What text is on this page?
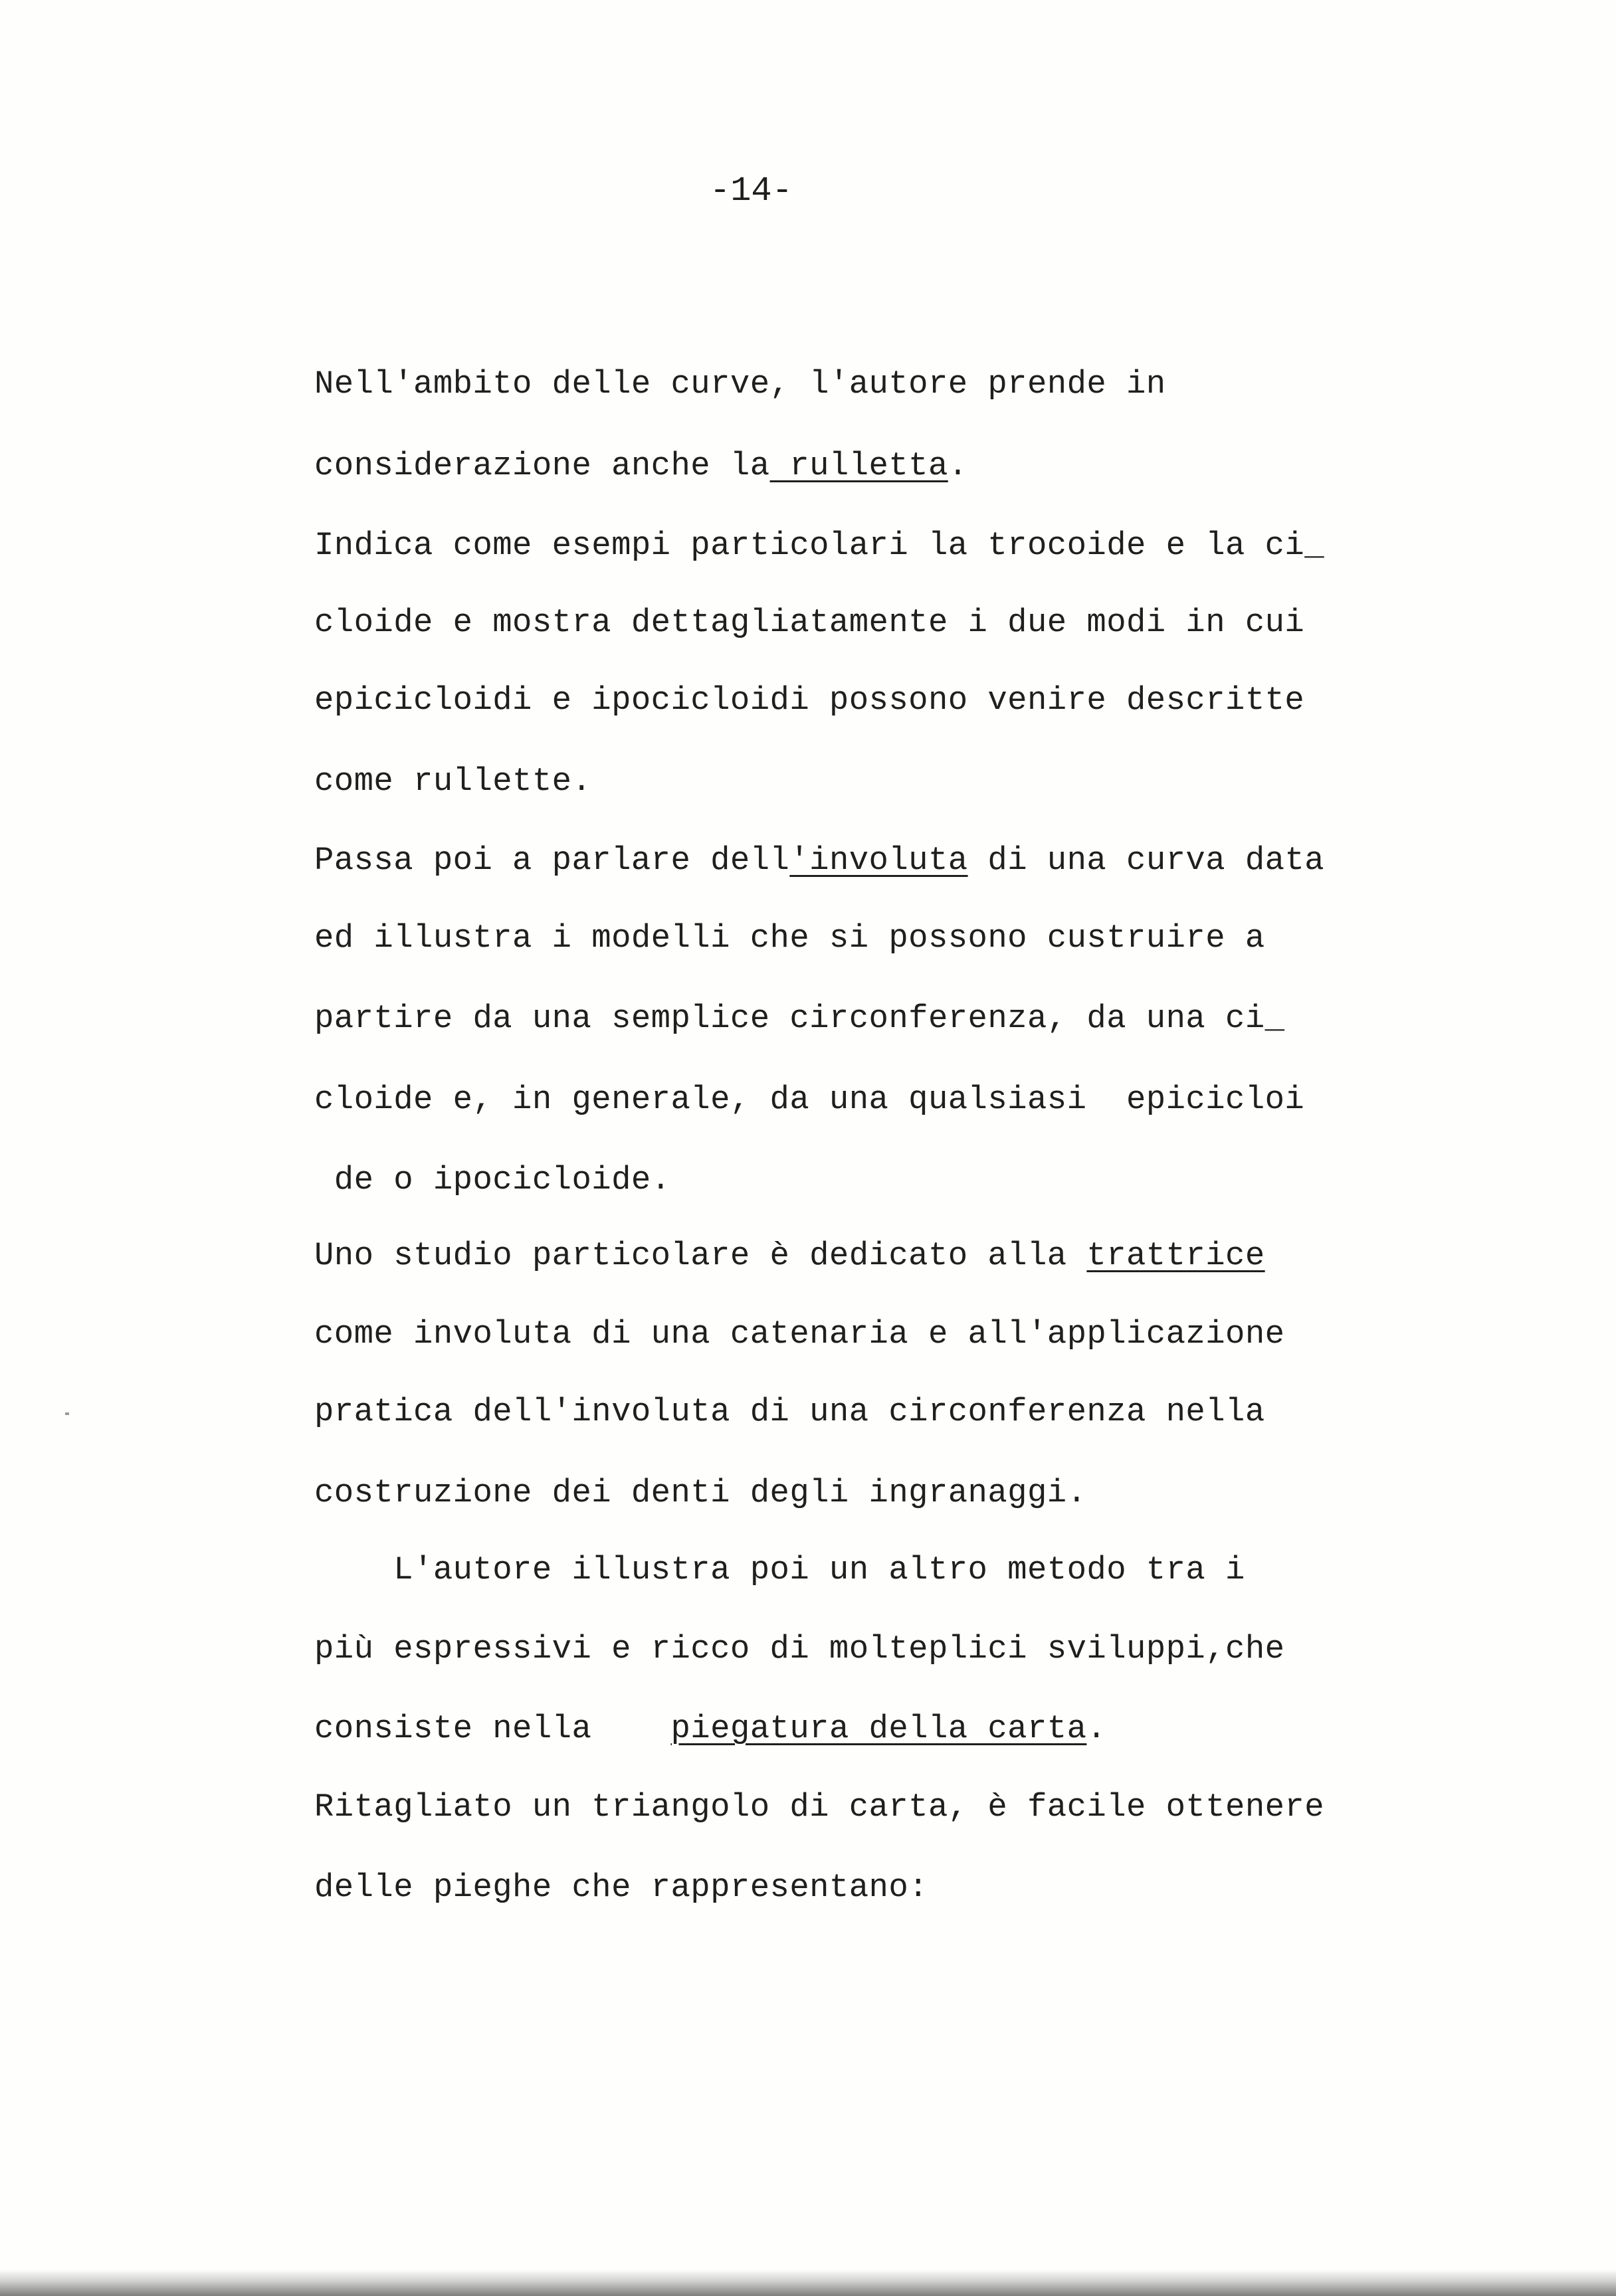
-14-
Nell'ambito delle curve, l'autore prende in
considerazione anche la rulletta.
Indica come esempi particolari la trocoide e la ci_
cloide e mostra dettagliatamente i due modi in cui
epicicloidi e ipocicloidi possono venire descritte
come rullette.
Passa poi a parlare dell'involuta di una curva data
ed illustra i modelli che si possono custruire a
partire da una semplice circonferenza, da una ci_
cloide e, in generale, da una qualsiasi  epicicloi
de o ipocicloide.
Uno studio particolare è dedicato alla trattrice
come involuta di una catenaria e all'applicazione
pratica dell'involuta di una circonferenza nella
costruzione dei denti degli ingranaggi.
L'autore illustra poi un altro metodo tra i
più espressivi e ricco di molteplici sviluppi,che
consiste nella    piegatura della carta.
Ritagliato un triangolo di carta, è facile ottenere
delle pieghe che rappresentano:
